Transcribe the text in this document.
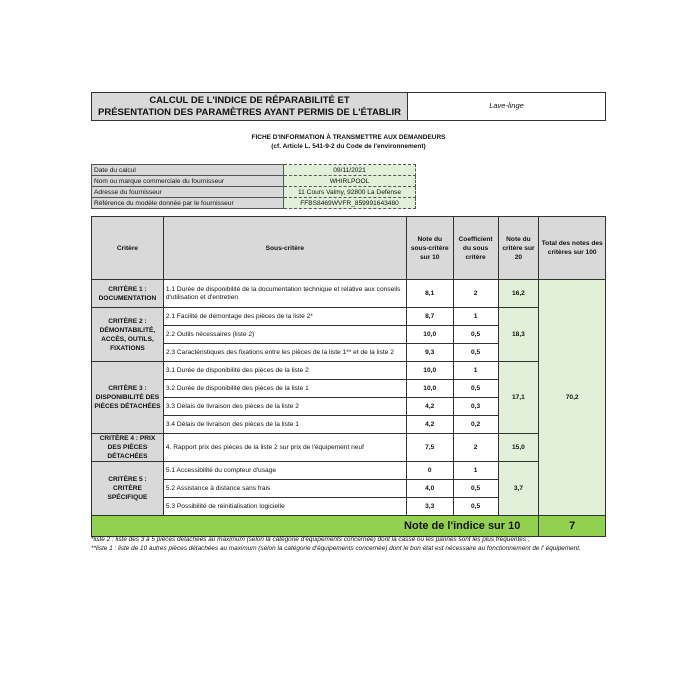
CALCUL DE L'INDICE DE RÉPARABILITÉ ET
PRÉSENTATION DES PARAMÈTRES AYANT PERMIS DE L'ÉTABLIR
Lave-linge
FICHE D'INFORMATION À TRANSMETTRE AUX DEMANDEURS
(cf. Article L. 541-9-2 du Code de l'environnement)
Date du calcul	09/11/2021
Nom ou marque commerciale du fournisseur	WHIRLPOOL
Adresse du fournisseur	11 Cours Valmy, 92800 La Defense
Référence du modèle donnée par le fournisseur	FFBS8469WVFR_859991643480
Critère	Sous-critère	Note du sous-critère sur 10	Coefficient du sous critère	Note du critère sur 20	Total des notes des critères sur 100
CRITÈRE 1 : DOCUMENTATION	1.1 Durée de disponibilité de la documentation technique et relative aux conseils d'utilisation et d'entretien	8,1	2	16,2	70,2
CRITÈRE 2 : DÉMONTABILITÉ, ACCÈS, OUTILS, FIXATIONS	2.1 Facilité de démontage des pièces de la liste 2*	8,7	1	18,3	
	2.2 Outils nécessaires (liste 2)	10,0	0,5		
	2.3 Caractéristiques des fixations entre les pièces de la liste 1** et de la liste 2	9,3	0,5		
CRITÈRE 3 : DISPONIBILITÉ DES PIÈCES DÉTACHÉES	3.1 Durée de disponibilité des pièces de la liste 2	10,0	1	17,1	
	3.2 Durée de disponibilité des pièces de la liste 1	10,0	0,5		
	3.3 Délais de livraison des pièces de la liste 2	4,2	0,3		
	3.4 Délais de livraison des pièces de la liste 1	4,2	0,2		
CRITÈRE 4 : PRIX DES PIÈCES DÉTACHÉES	4. Rapport prix des pièces de la liste 2 sur prix de l'équipement neuf	7,5	2	15,0	
CRITÈRE 5 : CRITÈRE SPÉCIFIQUE	5.1 Accessibilité du compteur d'usage	0	1	3,7	
	5.2 Assistance à distance sans frais	4,0	0,5		
	5.3 Possibilité de réinitialisation logicielle	3,3	0,5		
Note de l'indice sur 10					7
*liste 2 : liste des 3 à 5 pièces détachées au maximum (selon la catégorie d'équipements concernée) dont la casse ou les pannes sont les plus fréquentes ;
**liste 1 : liste de 10 autres pièces détachées au maximum (selon la catégorie d'équipements concernée) dont le bon état est nécessaire au fonctionnement de l' équipement.
